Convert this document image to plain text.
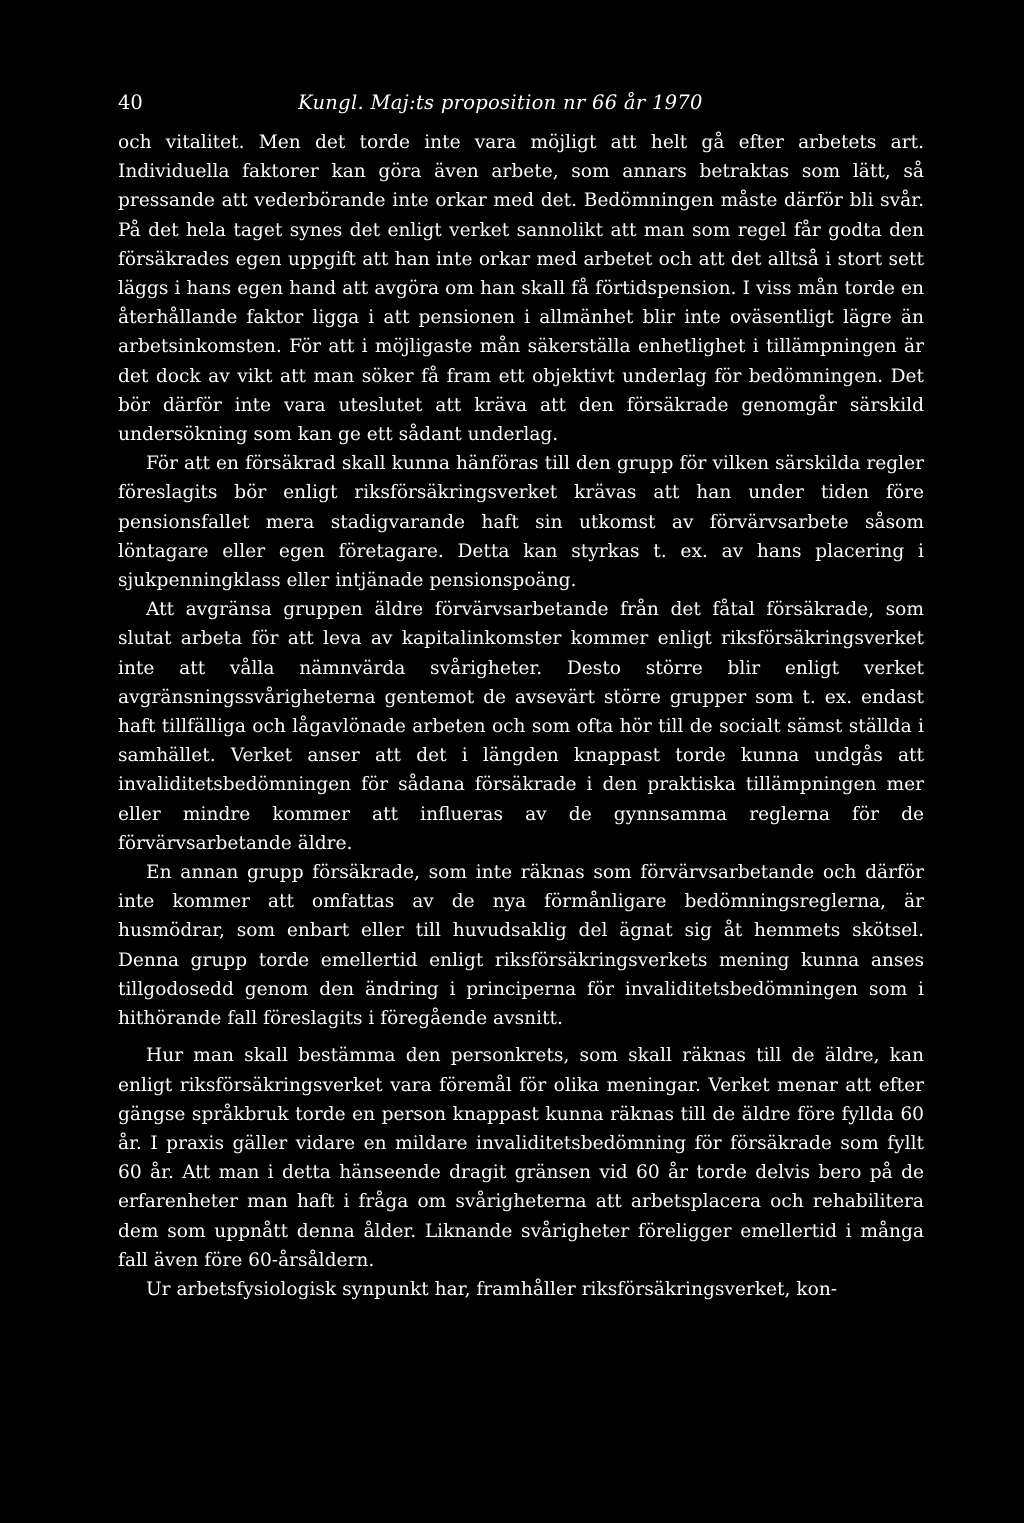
40	Kungl. Maj:ts proposition nr 66 år 1970

och vitalitet. Men det torde inte vara möjligt att helt gå efter arbetets art. Individuella faktorer kan göra även arbete, som annars betraktas som lätt, så pressande att vederbörande inte orkar med det. Bedömningen måste därför bli svår. På det hela taget synes det enligt verket sannolikt att man som regel får godta den försäkrades egen uppgift att han inte orkar med arbetet och att det alltså i stort sett läggs i hans egen hand att avgöra om han skall få förtidspension. I viss mån torde en återhållande faktor ligga i att pensionen i allmänhet blir inte oväsentligt lägre än arbetsinkomsten. För att i möjligaste mån säkerställa enhetlighet i tillämpningen är det dock av vikt att man söker få fram ett objektivt underlag för bedömningen. Det bör därför inte vara uteslutet att kräva att den försäkrade genomgår särskild undersökning som kan ge ett sådant underlag.

För att en försäkrad skall kunna hänföras till den grupp för vilken särskilda regler föreslagits bör enligt riksförsäkringsverket krävas att han under tiden före pensionsfallet mera stadigvarande haft sin utkomst av förvärvsarbete såsom löntagare eller egen företagare. Detta kan styrkas t. ex. av hans placering i sjukpenningklass eller intjänade pensionspoäng.

Att avgränsa gruppen äldre förvärvsarbetande från det fåtal försäkrade, som slutat arbeta för att leva av kapitalinkomster kommer enligt riksförsäkringsverket inte att vålla nämnvärda svårigheter. Desto större blir enligt verket avgränsningssvårigheterna gentemot de avsevärt större grupper som t. ex. endast haft tillfälliga och lågavlönade arbeten och som ofta hör till de socialt sämst ställda i samhället. Verket anser att det i längden knappast torde kunna undgås att invaliditetsbedömningen för sådana försäkrade i den praktiska tillämpningen mer eller mindre kommer att influeras av de gynnsamma reglerna för de förvärvsarbetande äldre.

En annan grupp försäkrade, som inte räknas som förvärvsarbetande och därför inte kommer att omfattas av de nya förmånligare bedömningsreglerna, är husmödrar, som enbart eller till huvudsaklig del ägnat sig åt hemmets skötsel. Denna grupp torde emellertid enligt riksförsäkringsverkets mening kunna anses tillgodosedd genom den ändring i principerna för invaliditetsbedömningen som i hithörande fall föreslagits i föregående avsnitt.

Hur man skall bestämma den personkrets, som skall räknas till de äldre, kan enligt riksförsäkringsverket vara föremål för olika meningar. Verket menar att efter gängse språkbruk torde en person knappast kunna räknas till de äldre före fyllda 60 år. I praxis gäller vidare en mildare invaliditetsbedömning för försäkrade som fyllt 60 år. Att man i detta hänseende dragit gränsen vid 60 år torde delvis bero på de erfarenheter man haft i fråga om svårigheterna att arbetsplacera och rehabilitera dem som uppnått denna ålder. Liknande svårigheter föreligger emellertid i många fall även före 60-årsåldern.

Ur arbetsfysiologisk synpunkt har, framhåller riksförsäkringsverket, kon-
